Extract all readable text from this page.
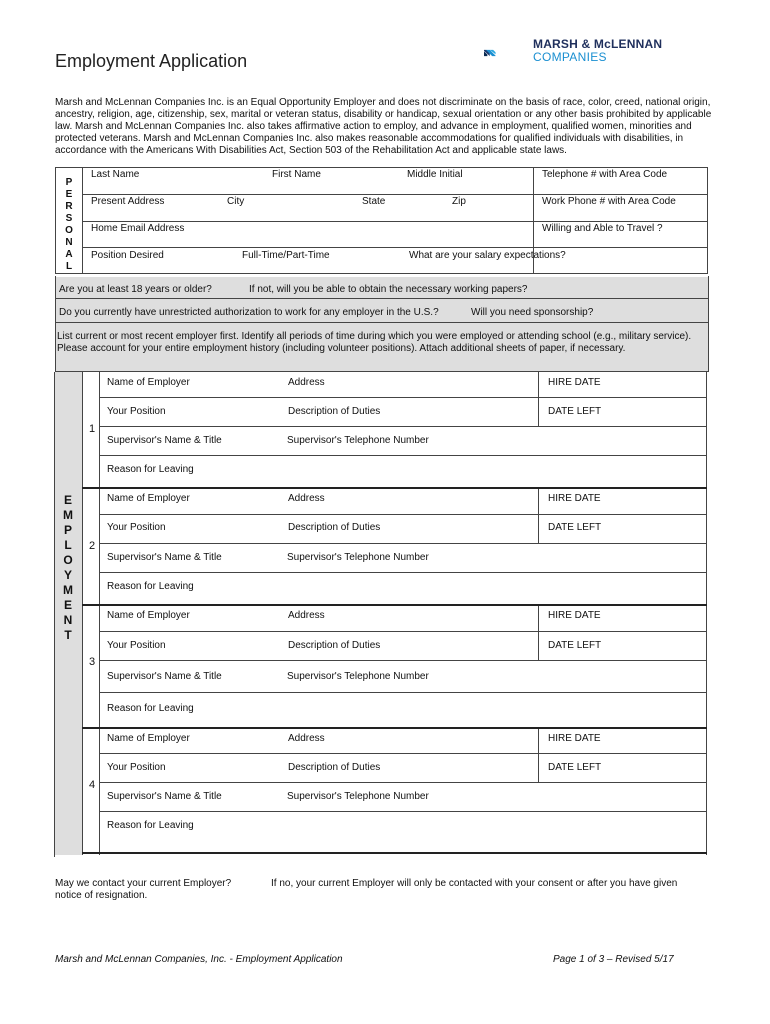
Employment Application
MARSH & McLENNAN
COMPANIES
Marsh and McLennan Companies Inc. is an Equal Opportunity Employer and does not discriminate on the basis of race, color, creed, national origin, ancestry, religion, age, citizenship, sex, marital or veteran status, disability or handicap, sexual orientation or any other basis prohibited by applicable law. Marsh and McLennan Companies Inc. also takes affirmative action to employ, and advance in employment, qualified women, minorities and protected veterans. Marsh and McLennan Companies Inc. also makes reasonable accommodations for qualified individuals with disabilities, in accordance with the Americans With Disabilities Act, Section 503 of the Rehabilitation Act and applicable state laws.
P
E
R
S
O
N
A
L
Last Name	First Name	Middle Initial	Telephone # with Area Code
Present Address	City	State	Zip	Work Phone # with Area Code
Home Email Address	Willing and Able to Travel ?
Position Desired	Full-Time/Part-Time	What are your salary expectations?
Are you at least 18 years or older?	If not, will you be able to obtain the necessary working papers?
Do you currently have unrestricted authorization to work for any employer in the U.S.?	Will you need sponsorship?
List current or most recent employer first. Identify all periods of time during which you were employed or attending school (e.g., military service). Please account for your entire employment history (including volunteer positions). Attach additional sheets of paper, if necessary.
E
M
P
L
O
Y
M
E
N
T
1
Name of Employer	Address	HIRE DATE
Your Position	Description of Duties	DATE LEFT
Supervisor's Name & Title	Supervisor's Telephone Number
Reason for Leaving
2
Name of Employer	Address	HIRE DATE
Your Position	Description of Duties	DATE LEFT
Supervisor's Name & Title	Supervisor's Telephone Number
Reason for Leaving
3
Name of Employer	Address	HIRE DATE
Your Position	Description of Duties	DATE LEFT
Supervisor's Name & Title	Supervisor's Telephone Number
Reason for Leaving
4
Name of Employer	Address	HIRE DATE
Your Position	Description of Duties	DATE LEFT
Supervisor's Name & Title	Supervisor's Telephone Number
Reason for Leaving
May we contact your current Employer?	If no, your current Employer will only be contacted with your consent or after you have given
notice of resignation.
Marsh and McLennan Companies, Inc. - Employment Application	Page 1 of 3 – Revised 5/17
